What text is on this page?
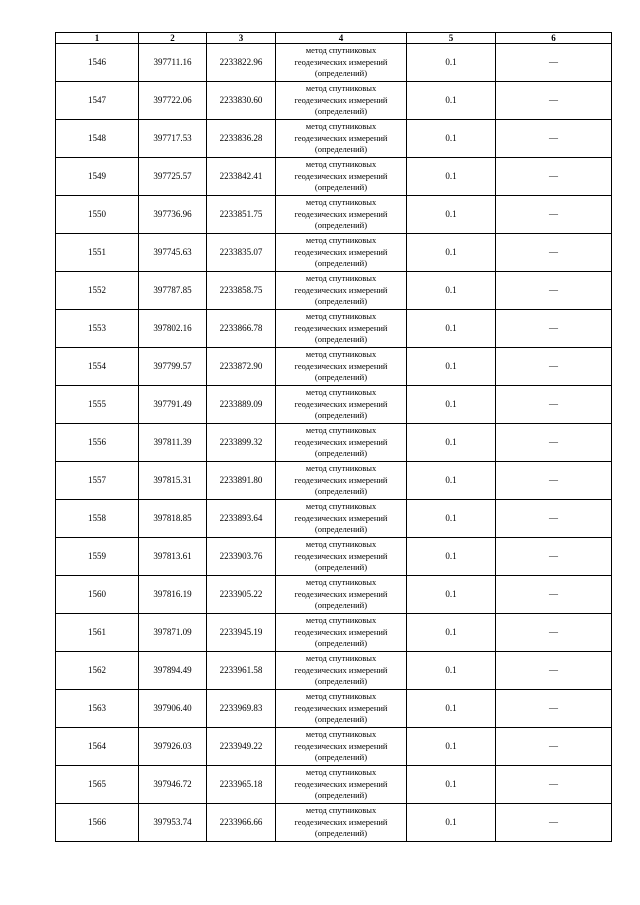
1	2	3	4	5	6
1546	397711.16	2233822.96	метод спутниковых
геодезических измерений
(определений)	0.1	—
1547	397722.06	2233830.60	метод спутниковых
геодезических измерений
(определений)	0.1	—
1548	397717.53	2233836.28	метод спутниковых
геодезических измерений
(определений)	0.1	—
1549	397725.57	2233842.41	метод спутниковых
геодезических измерений
(определений)	0.1	—
1550	397736.96	2233851.75	метод спутниковых
геодезических измерений
(определений)	0.1	—
1551	397745.63	2233835.07	метод спутниковых
геодезических измерений
(определений)	0.1	—
1552	397787.85	2233858.75	метод спутниковых
геодезических измерений
(определений)	0.1	—
1553	397802.16	2233866.78	метод спутниковых
геодезических измерений
(определений)	0.1	—
1554	397799.57	2233872.90	метод спутниковых
геодезических измерений
(определений)	0.1	—
1555	397791.49	2233889.09	метод спутниковых
геодезических измерений
(определений)	0.1	—
1556	397811.39	2233899.32	метод спутниковых
геодезических измерений
(определений)	0.1	—
1557	397815.31	2233891.80	метод спутниковых
геодезических измерений
(определений)	0.1	—
1558	397818.85	2233893.64	метод спутниковых
геодезических измерений
(определений)	0.1	—
1559	397813.61	2233903.76	метод спутниковых
геодезических измерений
(определений)	0.1	—
1560	397816.19	2233905.22	метод спутниковых
геодезических измерений
(определений)	0.1	—
1561	397871.09	2233945.19	метод спутниковых
геодезических измерений
(определений)	0.1	—
1562	397894.49	2233961.58	метод спутниковых
геодезических измерений
(определений)	0.1	—
1563	397906.40	2233969.83	метод спутниковых
геодезических измерений
(определений)	0.1	—
1564	397926.03	2233949.22	метод спутниковых
геодезических измерений
(определений)	0.1	—
1565	397946.72	2233965.18	метод спутниковых
геодезических измерений
(определений)	0.1	—
1566	397953.74	2233966.66	метод спутниковых
геодезических измерений
(определений)	0.1	—
